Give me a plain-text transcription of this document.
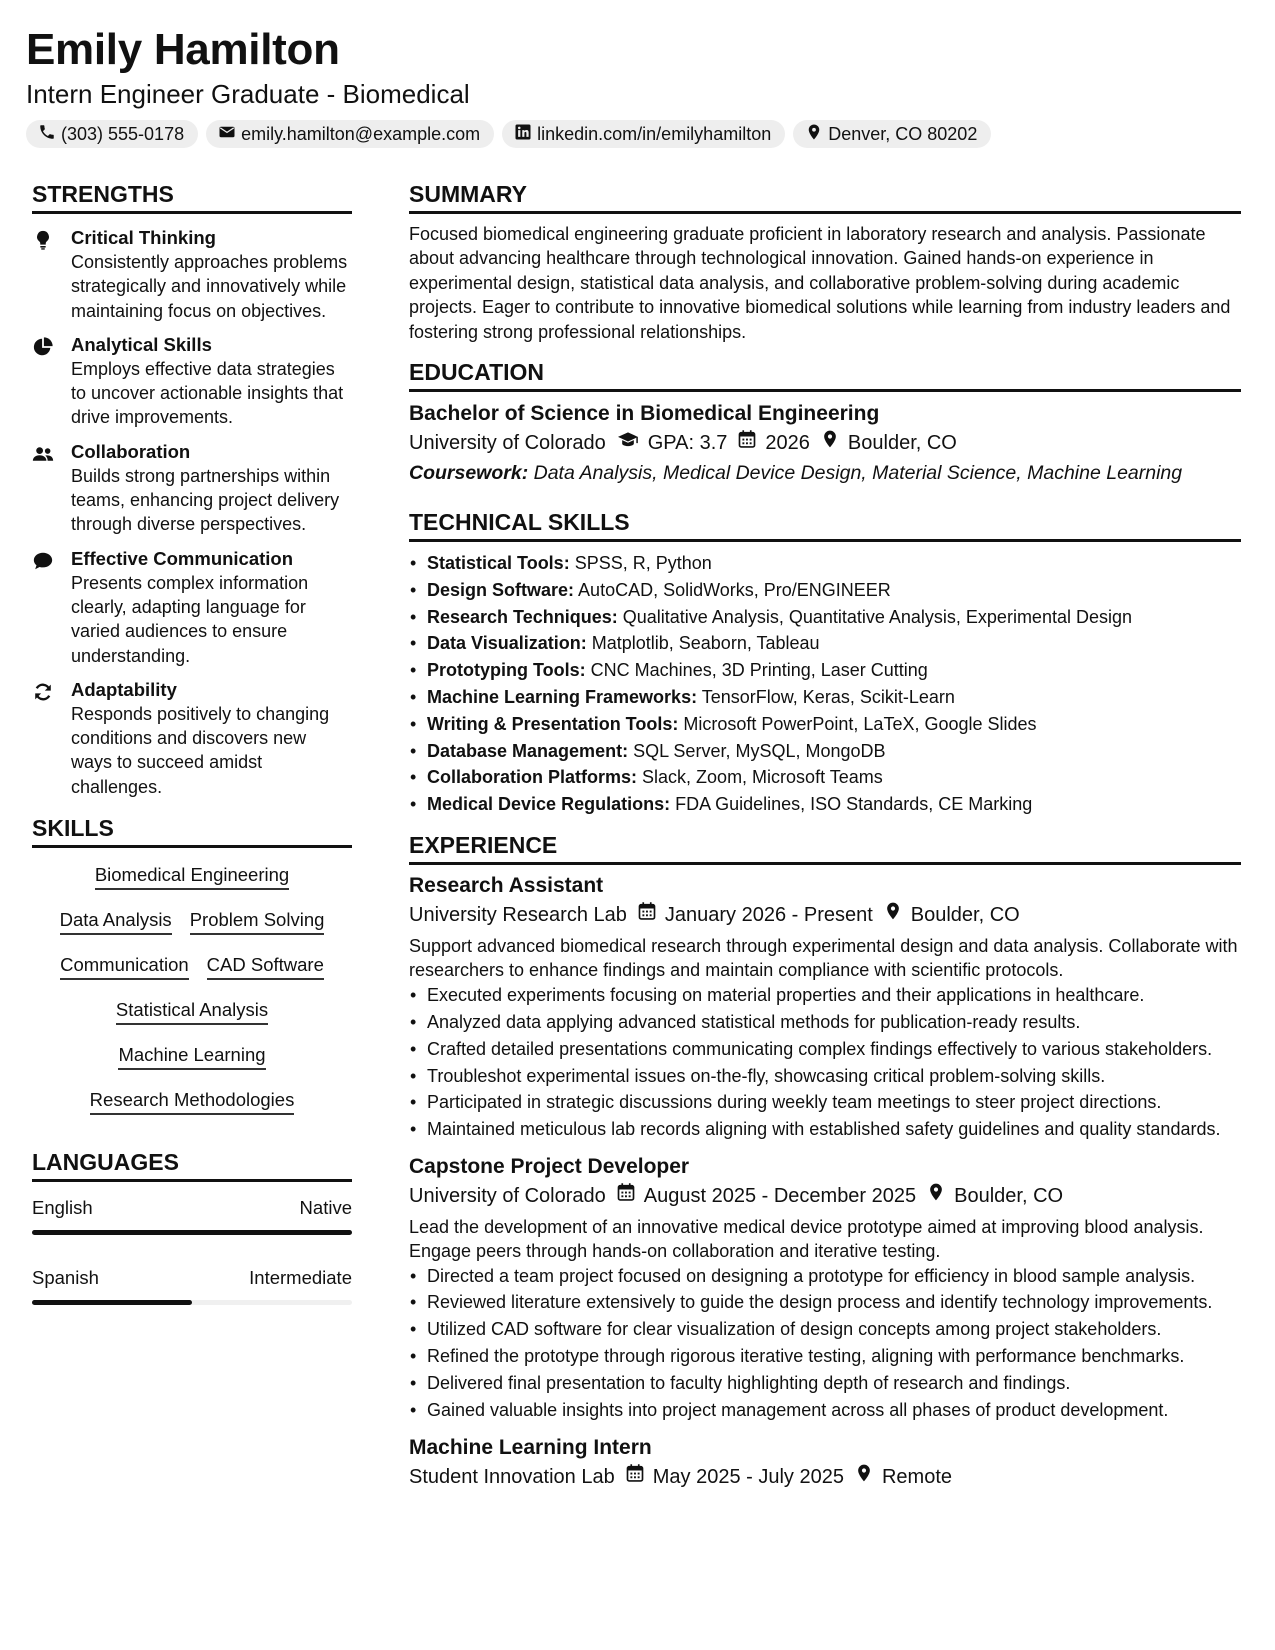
Emily Hamilton
Intern Engineer Graduate - Biomedical
(303) 555-0178	emily.hamilton@example.com	linkedin.com/in/emilyhamilton	Denver, CO 80202
STRENGTHS
Critical Thinking
Consistently approaches problems strategically and innovatively while maintaining focus on objectives.
Analytical Skills
Employs effective data strategies to uncover actionable insights that drive improvements.
Collaboration
Builds strong partnerships within teams, enhancing project delivery through diverse perspectives.
Effective Communication
Presents complex information clearly, adapting language for varied audiences to ensure understanding.
Adaptability
Responds positively to changing conditions and discovers new ways to succeed amidst challenges.
SKILLS
Biomedical Engineering
Data Analysis Problem Solving
Communication CAD Software
Statistical Analysis
Machine Learning
Research Methodologies
LANGUAGES
English	Native
Spanish	Intermediate
SUMMARY
Focused biomedical engineering graduate proficient in laboratory research and analysis. Passionate about advancing healthcare through technological innovation. Gained hands-on experience in experimental design, statistical data analysis, and collaborative problem-solving during academic projects. Eager to contribute to innovative biomedical solutions while learning from industry leaders and fostering strong professional relationships.
EDUCATION
Bachelor of Science in Biomedical Engineering
University of Colorado GPA: 3.7 2026 Boulder, CO
Coursework: Data Analysis, Medical Device Design, Material Science, Machine Learning
TECHNICAL SKILLS
• Statistical Tools: SPSS, R, Python
• Design Software: AutoCAD, SolidWorks, Pro/ENGINEER
• Research Techniques: Qualitative Analysis, Quantitative Analysis, Experimental Design
• Data Visualization: Matplotlib, Seaborn, Tableau
• Prototyping Tools: CNC Machines, 3D Printing, Laser Cutting
• Machine Learning Frameworks: TensorFlow, Keras, Scikit-Learn
• Writing & Presentation Tools: Microsoft PowerPoint, LaTeX, Google Slides
• Database Management: SQL Server, MySQL, MongoDB
• Collaboration Platforms: Slack, Zoom, Microsoft Teams
• Medical Device Regulations: FDA Guidelines, ISO Standards, CE Marking
EXPERIENCE
Research Assistant
University Research Lab January 2026 - Present Boulder, CO
Support advanced biomedical research through experimental design and data analysis. Collaborate with researchers to enhance findings and maintain compliance with scientific protocols.
• Executed experiments focusing on material properties and their applications in healthcare.
• Analyzed data applying advanced statistical methods for publication-ready results.
• Crafted detailed presentations communicating complex findings effectively to various stakeholders.
• Troubleshot experimental issues on-the-fly, showcasing critical problem-solving skills.
• Participated in strategic discussions during weekly team meetings to steer project directions.
• Maintained meticulous lab records aligning with established safety guidelines and quality standards.
Capstone Project Developer
University of Colorado August 2025 - December 2025 Boulder, CO
Lead the development of an innovative medical device prototype aimed at improving blood analysis. Engage peers through hands-on collaboration and iterative testing.
• Directed a team project focused on designing a prototype for efficiency in blood sample analysis.
• Reviewed literature extensively to guide the design process and identify technology improvements.
• Utilized CAD software for clear visualization of design concepts among project stakeholders.
• Refined the prototype through rigorous iterative testing, aligning with performance benchmarks.
• Delivered final presentation to faculty highlighting depth of research and findings.
• Gained valuable insights into project management across all phases of product development.
Machine Learning Intern
Student Innovation Lab May 2025 - July 2025 Remote
